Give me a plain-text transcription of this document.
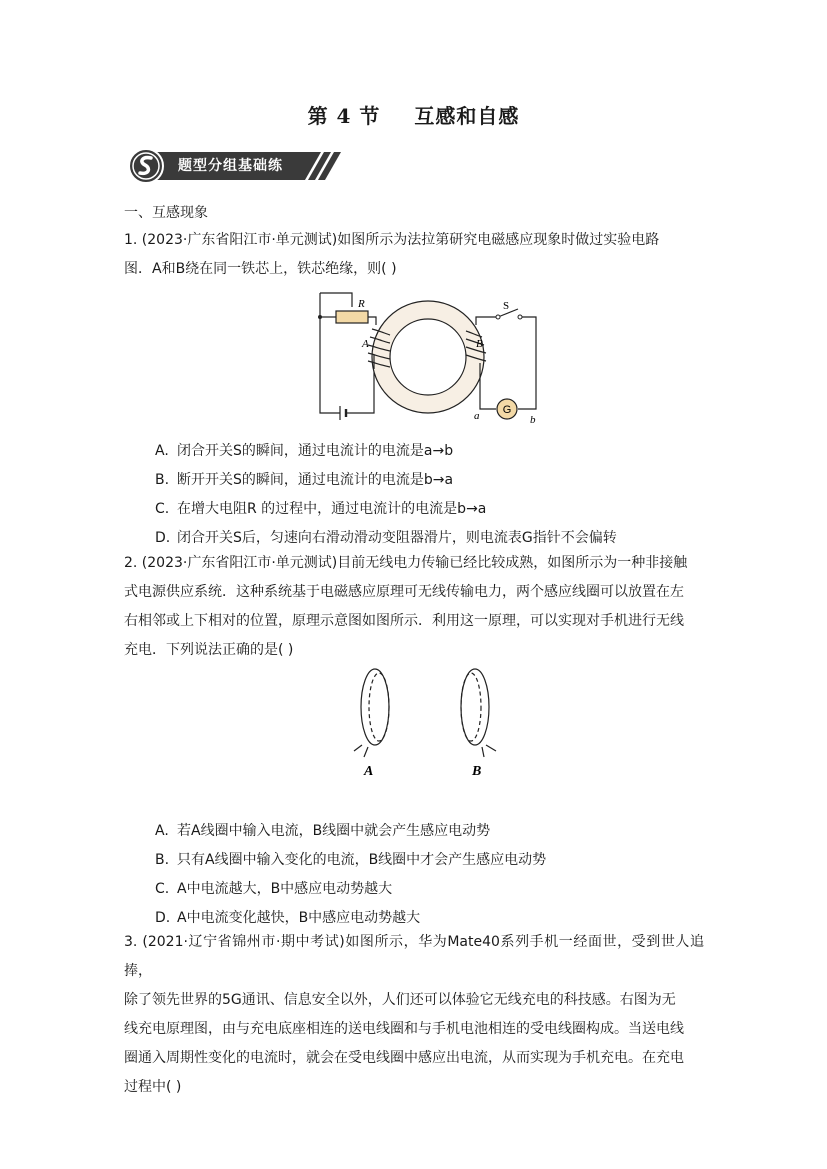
第 4 节 互感和自感
题型分组基础练
一、互感现象
1. (2023·广东省阳江市·单元测试)如图所示为法拉第研究电磁感应现象时做过实验电路
图．A和B绕在同一铁芯上，铁芯绝缘，则( )
G
R	S
A	B
a	b
A. 闭合开关S的瞬间，通过电流计的电流是a→b
B. 断开开关S的瞬间，通过电流计的电流是b→a
C. 在增大电阻R 的过程中，通过电流计的电流是b→a
D. 闭合开关S后，匀速向右滑动滑动变阻器滑片，则电流表G指针不会偏转
2. (2023·广东省阳江市·单元测试)目前无线电力传输已经比较成熟，如图所示为一种非接触
式电源供应系统．这种系统基于电磁感应原理可无线传输电力，两个感应线圈可以放置在左
右相邻或上下相对的位置，原理示意图如图所示．利用这一原理，可以实现对手机进行无线
充电．下列说法正确的是( )
A	B
A. 若A线圈中输入电流，B线圈中就会产生感应电动势
B. 只有A线圈中输入变化的电流，B线圈中才会产生感应电动势
C. A中电流越大，B中感应电动势越大
D. A中电流变化越快，B中感应电动势越大
3. (2021·辽宁省锦州市·期中考试)如图所示，华为Mate40系列手机一经面世，受到世人追捧，
除了领先世界的5G通讯、信息安全以外，人们还可以体验它无线充电的科技感。右图为无
线充电原理图，由与充电底座相连的送电线圈和与手机电池相连的受电线圈构成。当送电线
圈通入周期性变化的电流时，就会在受电线圈中感应出电流，从而实现为手机充电。在充电
过程中( )
